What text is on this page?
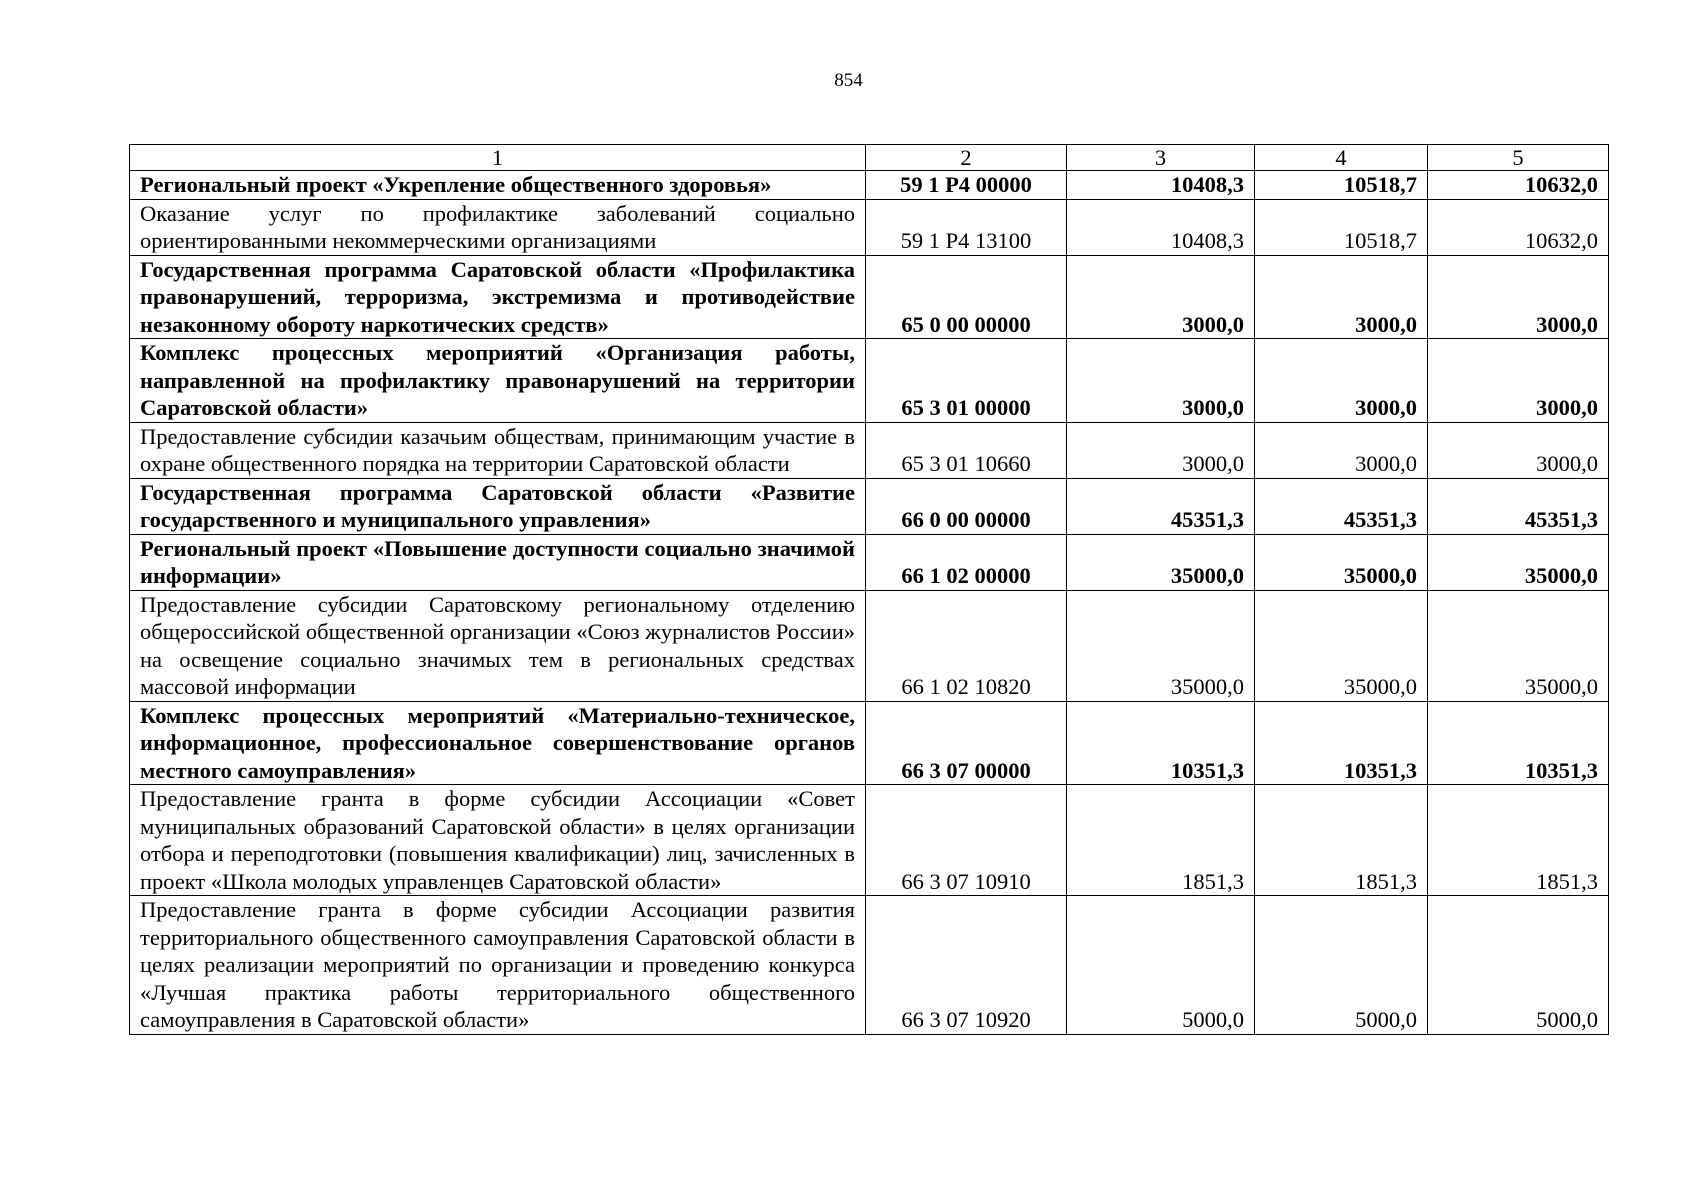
854
1	2	3	4	5
Региональный проект «Укрепление общественного здоровья»	59 1 P4 00000	10408,3	10518,7	10632,0
Оказание услуг по профилактике заболеваний социально ориентированными некоммерческими организациями	59 1 P4 13100	10408,3	10518,7	10632,0
Государственная программа Саратовской области «Профилактика правонарушений, терроризма, экстремизма и противодействие незаконному обороту наркотических средств»	65 0 00 00000	3000,0	3000,0	3000,0
Комплекс процессных мероприятий «Организация работы, направленной на профилактику правонарушений на территории Саратовской области»	65 3 01 00000	3000,0	3000,0	3000,0
Предоставление субсидии казачьим обществам, принимающим участие в охране общественного порядка на территории Саратовской области	65 3 01 10660	3000,0	3000,0	3000,0
Государственная программа Саратовской области «Развитие государственного и муниципального управления»	66 0 00 00000	45351,3	45351,3	45351,3
Региональный проект «Повышение доступности социально значимой информации»	66 1 02 00000	35000,0	35000,0	35000,0
Предоставление субсидии Саратовскому региональному отделению общероссийской общественной организации «Союз журналистов России» на освещение социально значимых тем в региональных средствах массовой информации	66 1 02 10820	35000,0	35000,0	35000,0
Комплекс процессных мероприятий «Материально-техническое, информационное, профессиональное совершенствование органов местного самоуправления»	66 3 07 00000	10351,3	10351,3	10351,3
Предоставление гранта в форме субсидии Ассоциации «Совет муниципальных образований Саратовской области» в целях организации отбора и переподготовки (повышения квалификации) лиц, зачисленных в проект «Школа молодых управленцев Саратовской области»	66 3 07 10910	1851,3	1851,3	1851,3
Предоставление гранта в форме субсидии Ассоциации развития территориального общественного самоуправления Саратовской области в целях реализации мероприятий по организации и проведению конкурса «Лучшая практика работы территориального общественного самоуправления в Саратовской области»	66 3 07 10920	5000,0	5000,0	5000,0
